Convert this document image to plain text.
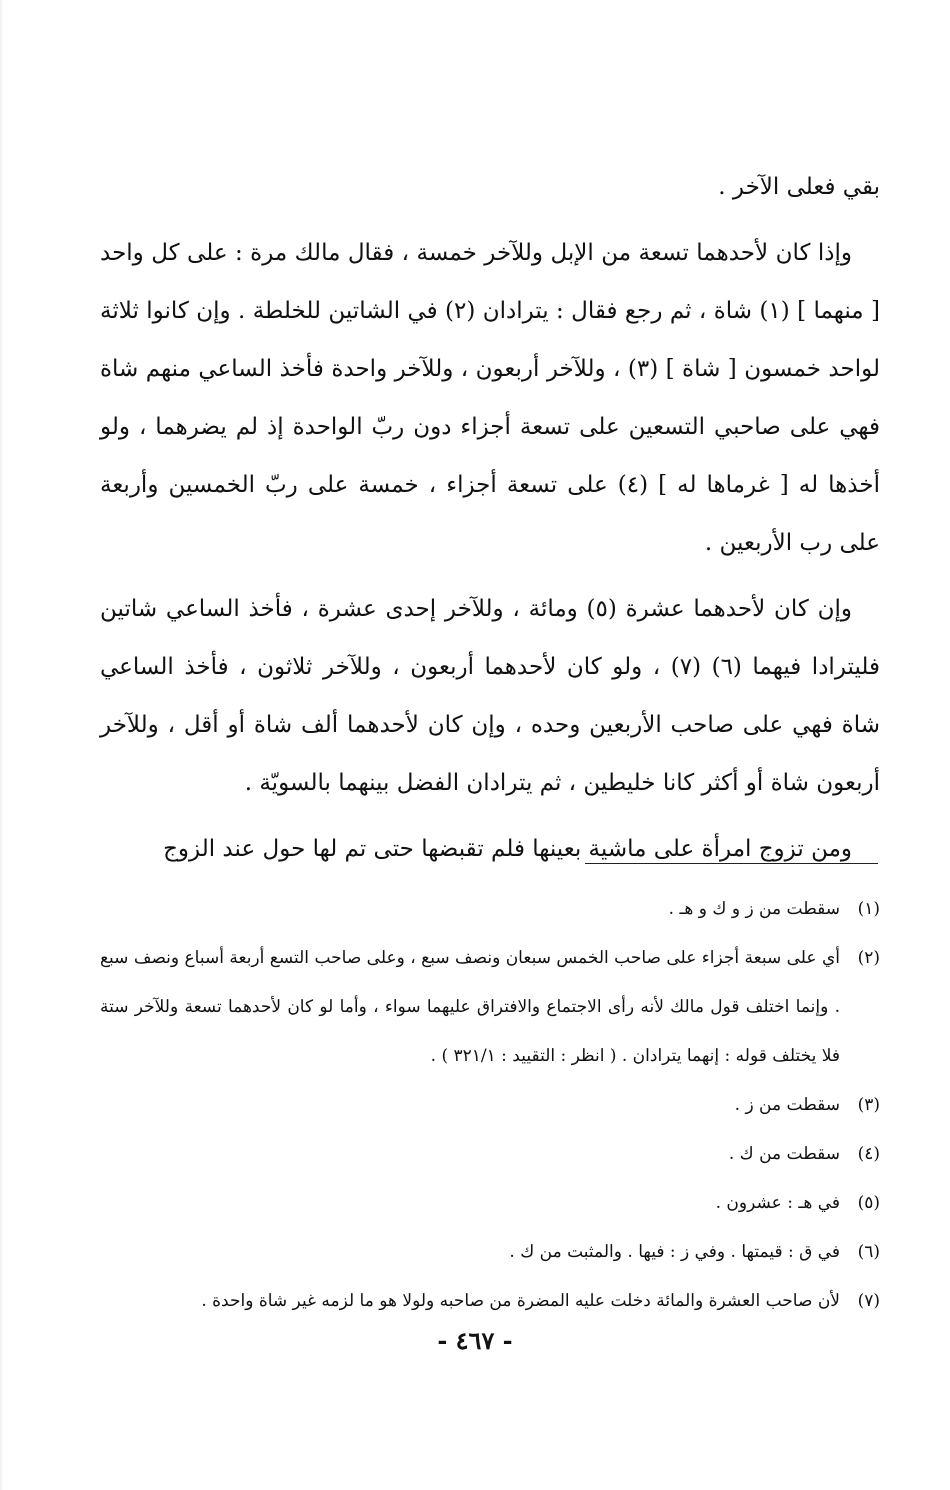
بقي فعلى الآخر .

وإذا كان لأحدهما تسعة من الإبل وللآخر خمسة ، فقال مالك مرة : على كل واحد [ منهما ] (١) شاة ، ثم رجع فقال : يترادان (٢) في الشاتين للخلطة . وإن كانوا ثلاثة لواحد خمسون [ شاة ] (٣) ، وللآخر أربعون ، وللآخر واحدة فأخذ الساعي منهم شاة فهي على صاحبي التسعين على تسعة أجزاء دون ربّ الواحدة إذ لم يضرهما ، ولو أخذها له [ غرماها له ] (٤) على تسعة أجزاء ، خمسة على ربّ الخمسين وأربعة على رب الأربعين .

وإن كان لأحدهما عشرة (٥) ومائة ، وللآخر إحدى عشرة ، فأخذ الساعي شاتين فليترادا فيهما (٦) (٧) ، ولو كان لأحدهما أربعون ، وللآخر ثلاثون ، فأخذ الساعي شاة فهي على صاحب الأربعين وحده ، وإن كان لأحدهما ألف شاة أو أقل ، وللآخر أربعون شاة أو أكثر كانا خليطين ، ثم يترادان الفضل بينهما بالسويّة .

ومن تزوج امرأة على ماشية بعينها فلم تقبضها حتى تم لها حول عند الزوج

(١)
سقطت من ز و ك و هـ .
(٢)
أي على سبعة أجزاء على صاحب الخمس سبعان ونصف سبع ، وعلى صاحب التسع أربعة أسباع ونصف سبع . وإنما اختلف قول مالك لأنه رأى الاجتماع والافتراق عليهما سواء ، وأما لو كان لأحدهما تسعة وللآخر ستة فلا يختلف قوله : إنهما يترادان . ( انظر : التقييد : ٣٢١/١ ) .
(٣)
سقطت من ز .
(٤)
سقطت من ك .
(٥)
في هـ : عشرون .
(٦)
في ق : قيمتها . وفي ز : فيها . والمثبت من ك .
(٧)
لأن صاحب العشرة والمائة دخلت عليه المضرة من صاحبه ولولا هو ما لزمه غير شاة واحدة .
- ٤٦٧ -
